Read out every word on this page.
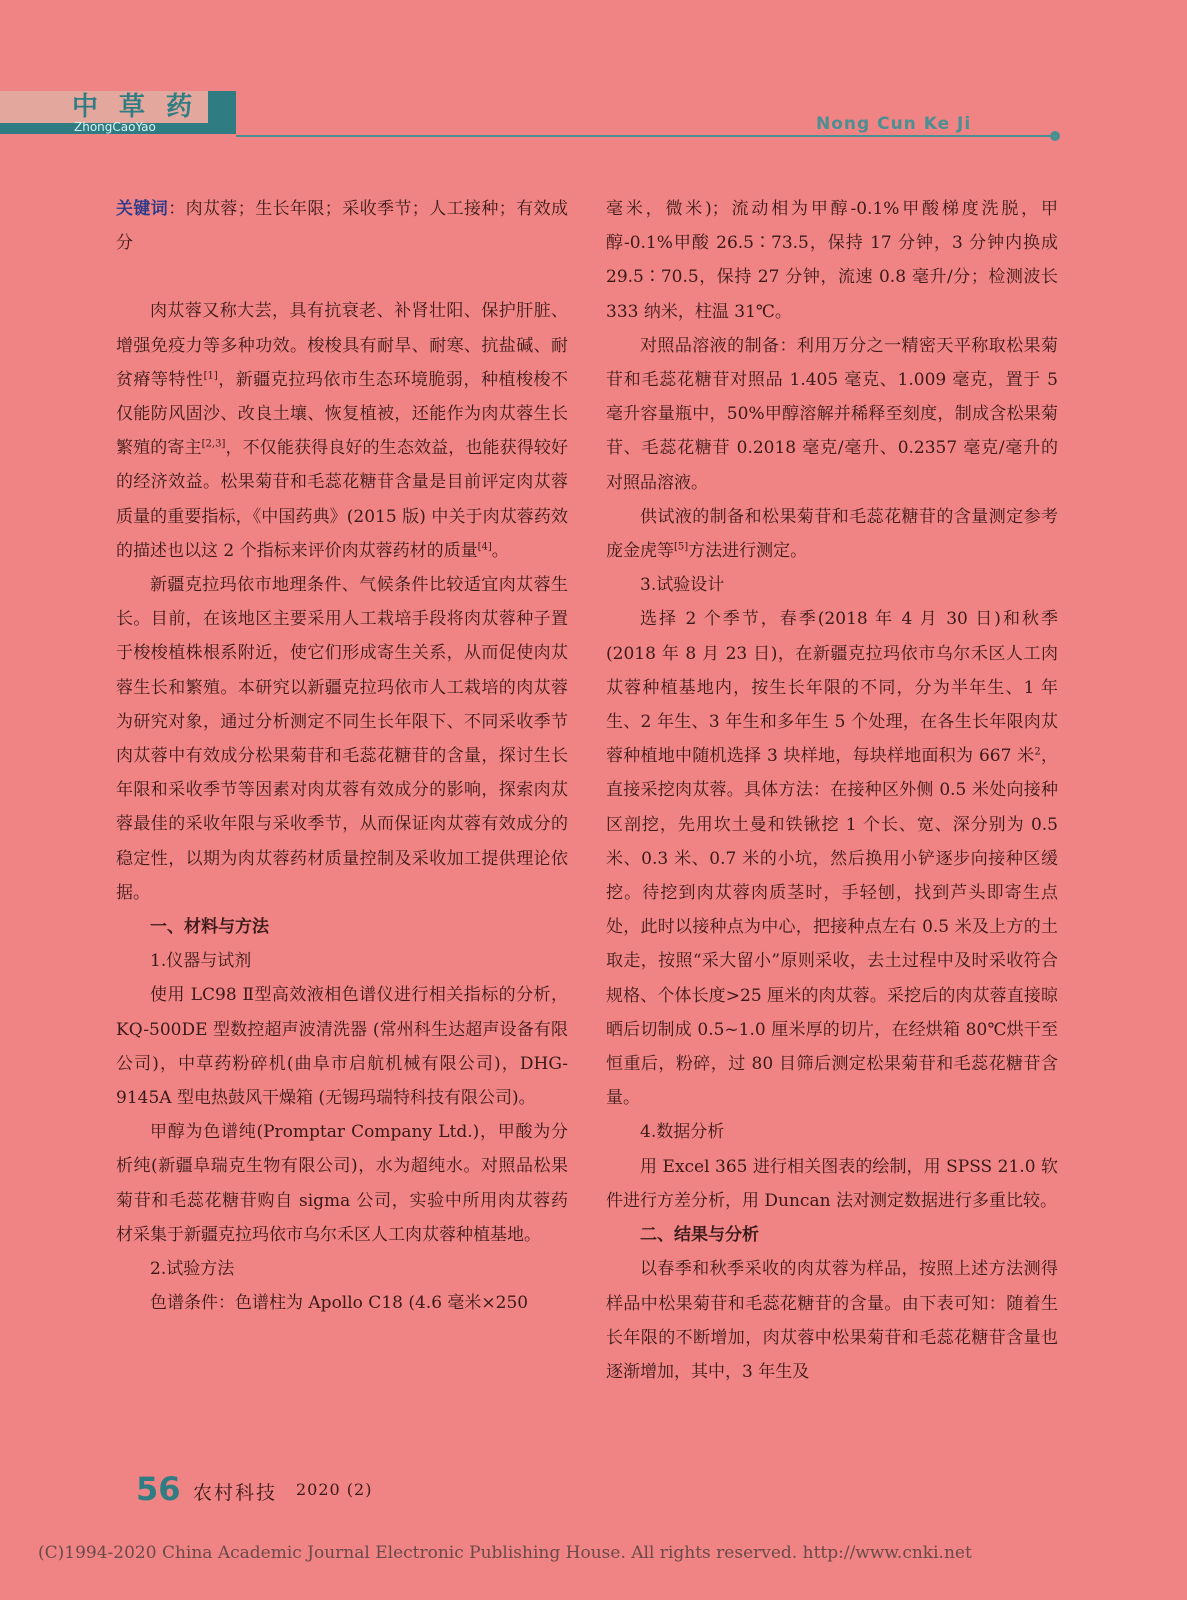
中 草 药
ZhongCaoYao	Nong Cun Ke Ji

关键词：肉苁蓉；生长年限；采收季节；人工接种；有效成分

肉苁蓉又称大芸，具有抗衰老、补肾壮阳、保护肝脏、增强免疫力等多种功效。梭梭具有耐旱、耐寒、抗盐碱、耐贫瘠等特性[1]，新疆克拉玛依市生态环境脆弱，种植梭梭不仅能防风固沙、改良土壤、恢复植被，还能作为肉苁蓉生长繁殖的寄主[2,3]，不仅能获得良好的生态效益，也能获得较好的经济效益。松果菊苷和毛蕊花糖苷含量是目前评定肉苁蓉质量的重要指标，《中国药典》(2015 版) 中关于肉苁蓉药效的描述也以这 2 个指标来评价肉苁蓉药材的质量[4]。

新疆克拉玛依市地理条件、气候条件比较适宜肉苁蓉生长。目前，在该地区主要采用人工栽培手段将肉苁蓉种子置于梭梭植株根系附近，使它们形成寄生关系，从而促使肉苁蓉生长和繁殖。本研究以新疆克拉玛依市人工栽培的肉苁蓉为研究对象，通过分析测定不同生长年限下、不同采收季节肉苁蓉中有效成分松果菊苷和毛蕊花糖苷的含量，探讨生长年限和采收季节等因素对肉苁蓉有效成分的影响，探索肉苁蓉最佳的采收年限与采收季节，从而保证肉苁蓉有效成分的稳定性，以期为肉苁蓉药材质量控制及采收加工提供理论依据。

一、材料与方法

1.仪器与试剂

使用 LC98 Ⅱ型高效液相色谱仪进行相关指标的分析，KQ-500DE 型数控超声波清洗器 (常州科生达超声设备有限公司)，中草药粉碎机(曲阜市启航机械有限公司)，DHG-9145A 型电热鼓风干燥箱 (无锡玛瑞特科技有限公司)。

甲醇为色谱纯(Promptar Company Ltd.)，甲酸为分析纯(新疆阜瑞克生物有限公司)，水为超纯水。对照品松果菊苷和毛蕊花糖苷购自 sigma 公司，实验中所用肉苁蓉药材采集于新疆克拉玛依市乌尔禾区人工肉苁蓉种植基地。

2.试验方法

色谱条件：色谱柱为 Apollo C18 (4.6 毫米×250

毫米，微米)；流动相为甲醇-0.1%甲酸梯度洗脱，甲醇-0.1%甲酸 26.5∶73.5，保持 17 分钟，3 分钟内换成 29.5∶70.5，保持 27 分钟，流速 0.8 毫升/分；检测波长 333 纳米，柱温 31℃。

对照品溶液的制备：利用万分之一精密天平称取松果菊苷和毛蕊花糖苷对照品 1.405 毫克、1.009 毫克，置于 5 毫升容量瓶中，50%甲醇溶解并稀释至刻度，制成含松果菊苷、毛蕊花糖苷 0.2018 毫克/毫升、0.2357 毫克/毫升的对照品溶液。

供试液的制备和松果菊苷和毛蕊花糖苷的含量测定参考庞金虎等[5]方法进行测定。

3.试验设计

选择 2 个季节，春季(2018 年 4 月 30 日)和秋季(2018 年 8 月 23 日)，在新疆克拉玛依市乌尔禾区人工肉苁蓉种植基地内，按生长年限的不同，分为半年生、1 年生、2 年生、3 年生和多年生 5 个处理，在各生长年限肉苁蓉种植地中随机选择 3 块样地，每块样地面积为 667 米$^2$，直接采挖肉苁蓉。具体方法：在接种区外侧 0.5 米处向接种区剖挖，先用坎土曼和铁锹挖 1 个长、宽、深分别为 0.5 米、0.3 米、0.7 米的小坑，然后换用小铲逐步向接种区缓挖。待挖到肉苁蓉肉质茎时，手轻刨，找到芦头即寄生点处，此时以接种点为中心，把接种点左右 0.5 米及上方的土取走，按照“采大留小”原则采收，去土过程中及时采收符合规格、个体长度>25 厘米的肉苁蓉。采挖后的肉苁蓉直接晾晒后切制成 0.5~1.0 厘米厚的切片，在经烘箱 80℃烘干至恒重后，粉碎，过 80 目筛后测定松果菊苷和毛蕊花糖苷含量。

4.数据分析

用 Excel 365 进行相关图表的绘制，用 SPSS 21.0 软件进行方差分析，用 Duncan 法对测定数据进行多重比较。

二、结果与分析

以春季和秋季采收的肉苁蓉为样品，按照上述方法测得样品中松果菊苷和毛蕊花糖苷的含量。由下表可知：随着生长年限的不断增加，肉苁蓉中松果菊苷和毛蕊花糖苷含量也逐渐增加，其中，3 年生及

56 农村科技 2020 (2)
(C)1994-2020 China Academic Journal Electronic Publishing House. All rights reserved. http://www.cnki.net
